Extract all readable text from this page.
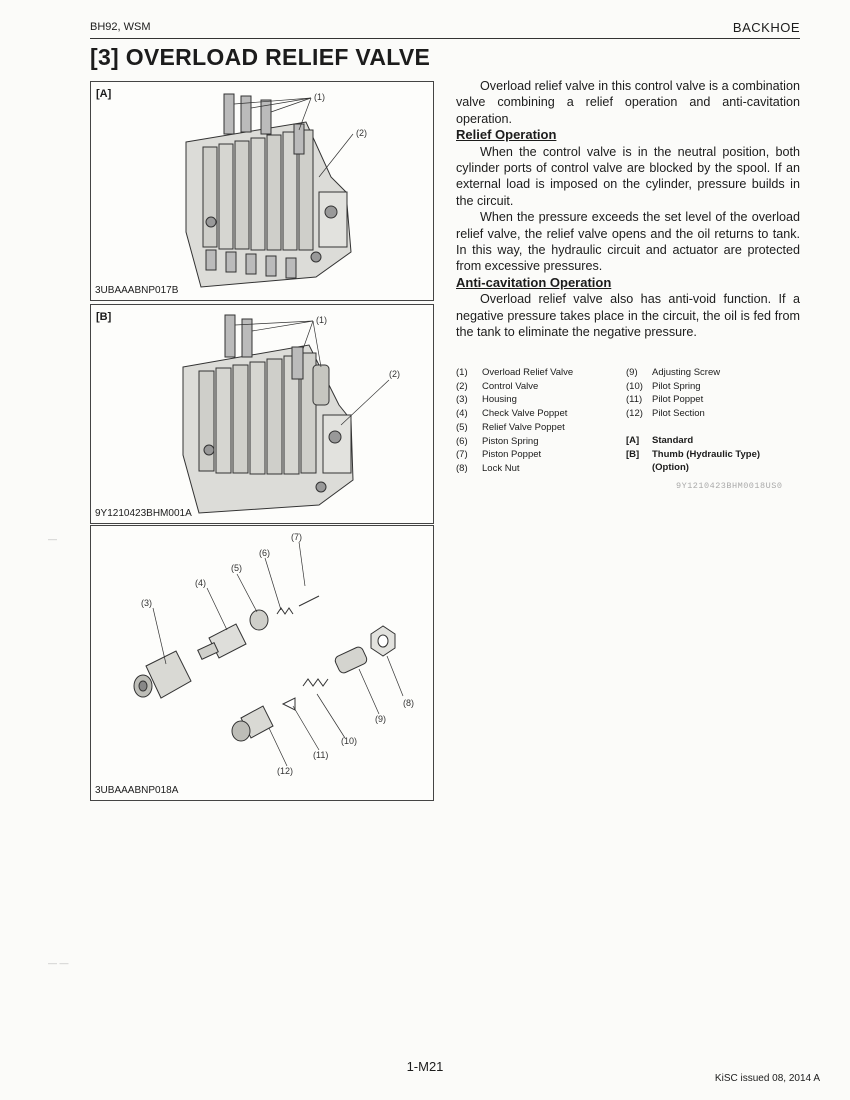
BH92, WSM	BACKHOE
[3] OVERLOAD RELIEF VALVE
(1)
(2)
[A]
3UBAAABNP017B
(1)
(2)
[B]
9Y1210423BHM001A
(3)
(4)
(5)
(6)
(7)
(8)
(9)
(10)
(11)
(12)
3UBAAABNP018A

Overload relief valve in this control valve is a combination valve combining a relief operation and anti-cavitation operation.

Relief Operation

When the control valve is in the neutral position, both cylinder ports of control valve are blocked by the spool. If an external load is imposed on the cylinder, pressure builds in the circuit.

When the pressure exceeds the set level of the overload relief valve, the relief valve opens and the oil returns to tank. In this way, the hydraulic circuit and actuator are protected from excessive pressures.

Anti-cavitation Operation

Overload relief valve also has anti-void function. If a negative pressure takes place in the circuit, the oil is fed from the tank to eliminate the negative pressure.

(1) Overload Relief Valve
(2) Control Valve
(3) Housing
(4) Check Valve Poppet
(5) Relief Valve Poppet
(6) Piston Spring
(7) Piston Poppet
(8) Lock Nut
(9) Adjusting Screw
(10) Pilot Spring
(11) Pilot Poppet
(12) Pilot Section
[A] Standard
[B] Thumb (Hydraulic Type)
(Option)
9Y1210423BHM0018US0
—
— —
1-M21
KiSC issued 08, 2014 A
